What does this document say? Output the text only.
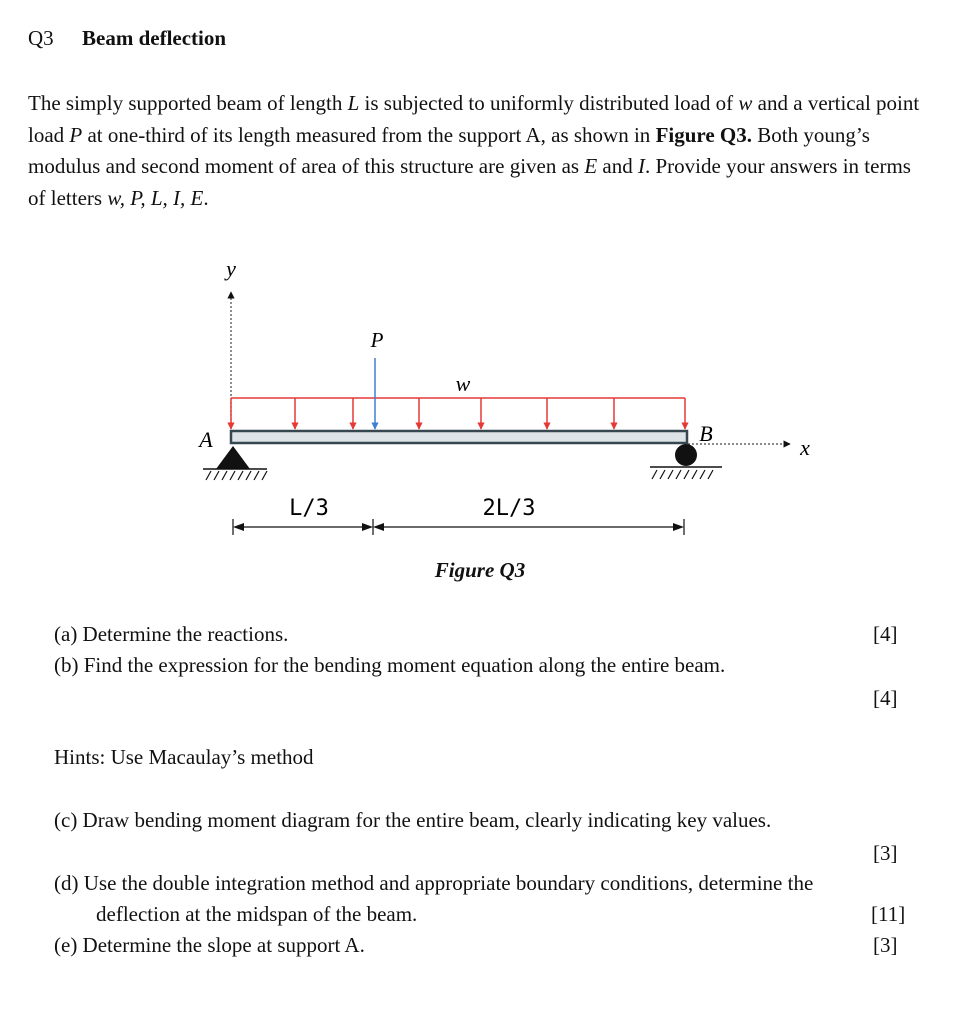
Q3 Beam deflection
The simply supported beam of length L is subjected to uniformly distributed load of w and a vertical point load P at one-third of its length measured from the support A, as shown in Figure Q3. Both young’s modulus and second moment of area of this structure are given as E and I. Provide your answers in terms of letters w, P, L, I, E.
y
x
w
P
A	B
L/3	2L/3
Figure Q3
(a) Determine the reactions.	[4]
(b) Find the expression for the bending moment equation along the entire beam.
[4]
Hints: Use Macaulay’s method
(c) Draw bending moment diagram for the entire beam, clearly indicating key values.
[3]
(d) Use the double integration method and appropriate boundary conditions, determine the
deflection at the midspan of the beam.	[11]
(e) Determine the slope at support A.	[3]
